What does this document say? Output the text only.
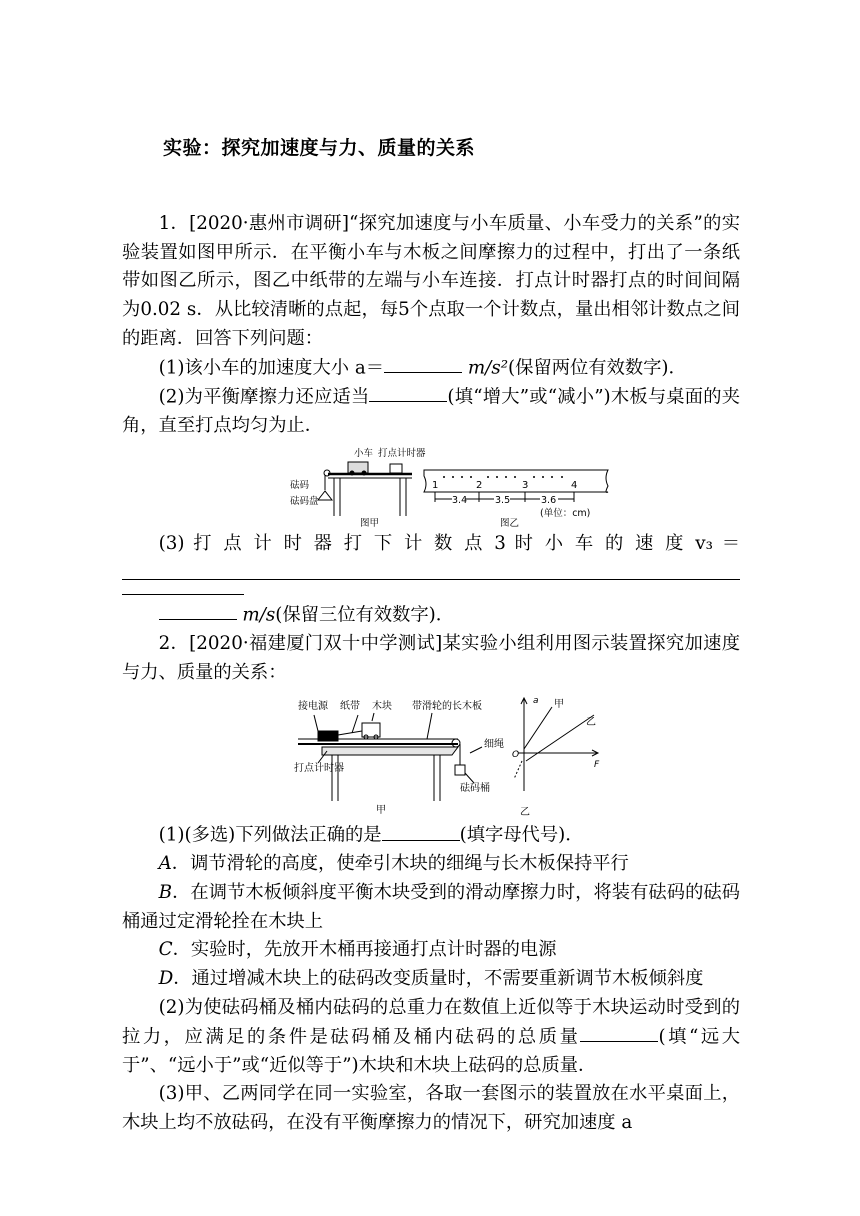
实验：探究加速度与力、质量的关系

1．[2020·惠州市调研]“探究加速度与小车质量、小车受力的关系”的实验装置如图甲所示．在平衡小车与木板之间摩擦力的过程中，打出了一条纸带如图乙所示，图乙中纸带的左端与小车连接．打点计时器打点的时间间隔为0.02 s．从比较清晰的点起，每5个点取一个计数点，量出相邻计数点之间的距离．回答下列问题：

(1)该小车的加速度大小 a＝	m/s²(保留两位有效数字)．

(2)为平衡摩擦力还应适当	(填“增大”或“减小”)木板与桌面的夹角，直至打点均匀为止．

小车 打点计时器
砝码
砝码盘
图甲
1	2	3	4
3.4	3.5	3.6
(单位：cm)
图乙

(3) 打 点 计 时 器 打 下 计 数 点 3 时 小 车 的 速 度 v₃ ＝

m/s(保留三位有效数字)．

2．[2020·福建厦门双十中学测试]某实验小组利用图示装置探究加速度与力、质量的关系：

接电源 纸带 木块 带滑轮的长木板
细绳
打点计时器
砝码桶
甲
a
F
O
甲
乙
乙

(1)(多选)下列做法正确的是	(填字母代号)．

A．调节滑轮的高度，使牵引木块的细绳与长木板保持平行

B．在调节木板倾斜度平衡木块受到的滑动摩擦力时，将装有砝码的砝码桶通过定滑轮拴在木块上

C．实验时，先放开木桶再接通打点计时器的电源

D．通过增减木块上的砝码改变质量时，不需要重新调节木板倾斜度

(2)为使砝码桶及桶内砝码的总重力在数值上近似等于木块运动时受到的拉力，应满足的条件是砝码桶及桶内砝码的总质量	(填“远大于”、“远小于”或“近似等于”)木块和木块上砝码的总质量．

(3)甲、乙两同学在同一实验室，各取一套图示的装置放在水平桌面上，木块上均不放砝码，在没有平衡摩擦力的情况下，研究加速度 a
